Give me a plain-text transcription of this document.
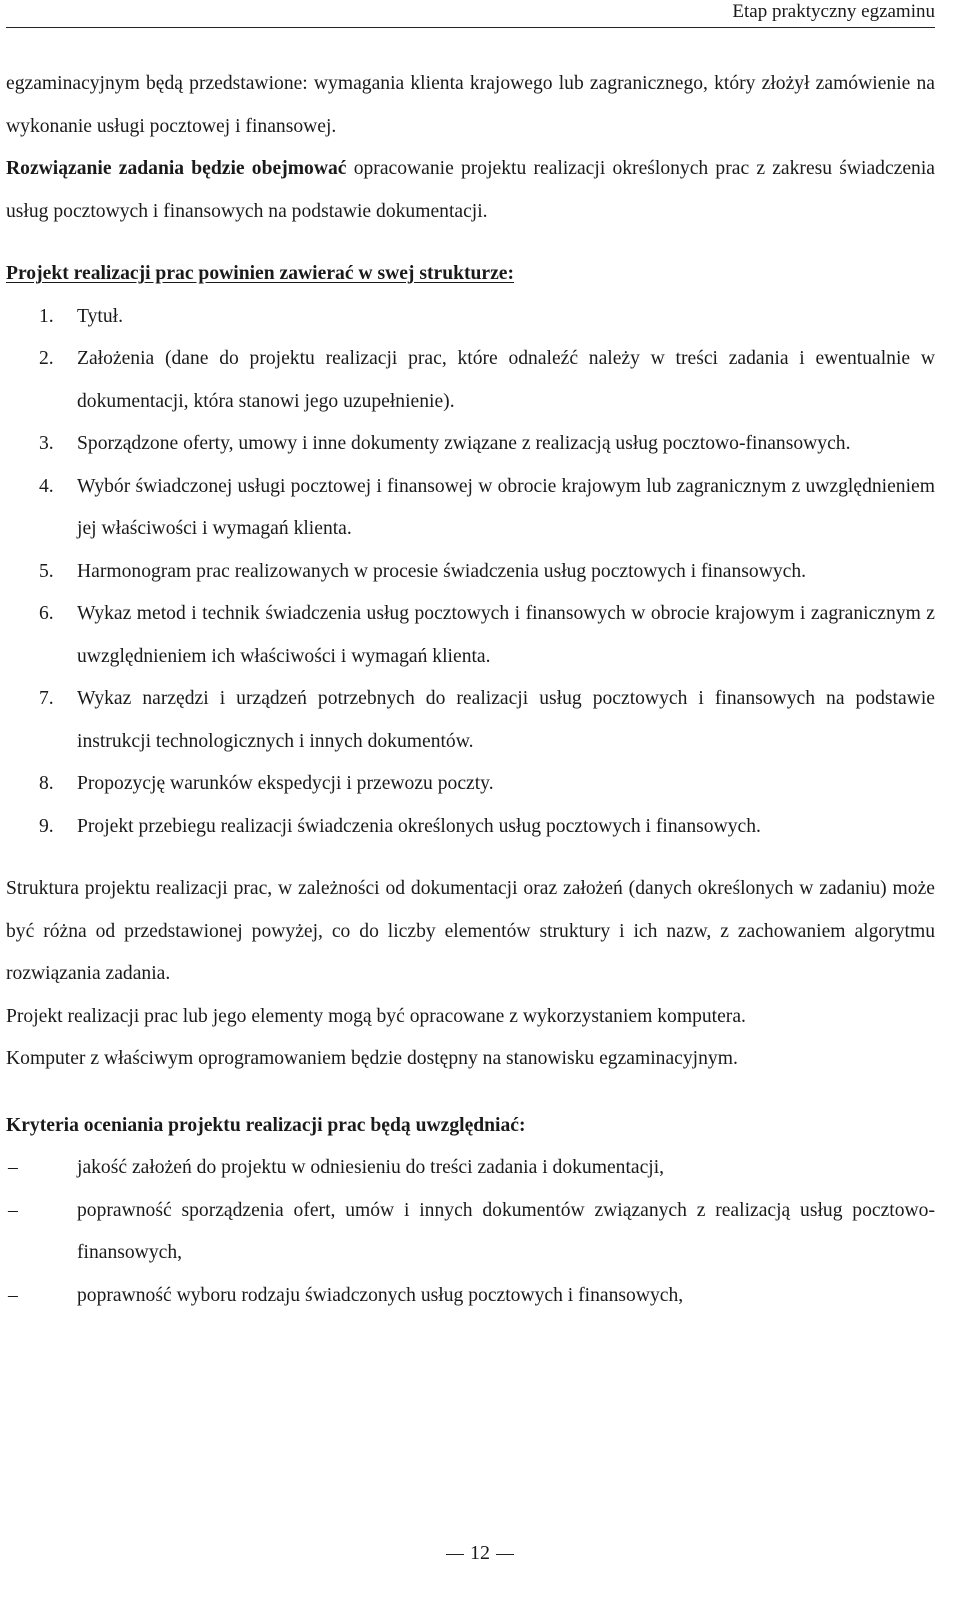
Etap praktyczny egzaminu

egzaminacyjnym będą przedstawione: wymagania klienta krajowego lub zagranicznego, który złożył zamówienie na wykonanie usługi pocztowej i finansowej.

Rozwiązanie zadania będzie obejmować opracowanie projektu realizacji określonych prac z zakresu świadczenia usług pocztowych i finansowych na podstawie dokumentacji.

Projekt realizacji prac powinien zawierać w swej strukturze:

1. Tytuł.
2. Założenia (dane do projektu realizacji prac, które odnaleźć należy w treści zadania i ewentualnie w dokumentacji, która stanowi jego uzupełnienie).
3. Sporządzone oferty, umowy i inne dokumenty związane z realizacją usług pocztowo-finansowych.
4. Wybór świadczonej usługi pocztowej i finansowej w obrocie krajowym lub zagranicznym z uwzględnieniem jej właściwości i wymagań klienta.
5. Harmonogram prac realizowanych w procesie świadczenia usług pocztowych i finansowych.
6. Wykaz metod i technik świadczenia usług pocztowych i finansowych w obrocie krajowym i zagranicznym z uwzględnieniem ich właściwości i wymagań klienta.
7. Wykaz narzędzi i urządzeń potrzebnych do realizacji usług pocztowych i finansowych na podstawie instrukcji technologicznych i innych dokumentów.
8. Propozycję warunków ekspedycji i przewozu poczty.
9. Projekt przebiegu realizacji świadczenia określonych usług pocztowych i finansowych.

Struktura projektu realizacji prac, w zależności od dokumentacji oraz założeń (danych określonych w zadaniu) może być różna od przedstawionej powyżej, co do liczby elementów struktury i ich nazw, z zachowaniem algorytmu rozwiązania zadania.

Projekt realizacji prac lub jego elementy mogą być opracowane z wykorzystaniem komputera.

Komputer z właściwym oprogramowaniem będzie dostępny na stanowisku egzaminacyjnym.

Kryteria oceniania projektu realizacji prac będą uwzględniać:

–	jakość założeń do projektu w odniesieniu do treści zadania i dokumentacji,
–	poprawność sporządzenia ofert, umów i innych dokumentów związanych z realizacją usług pocztowo-finansowych,
–	poprawność wyboru rodzaju świadczonych usług pocztowych i finansowych,
12
